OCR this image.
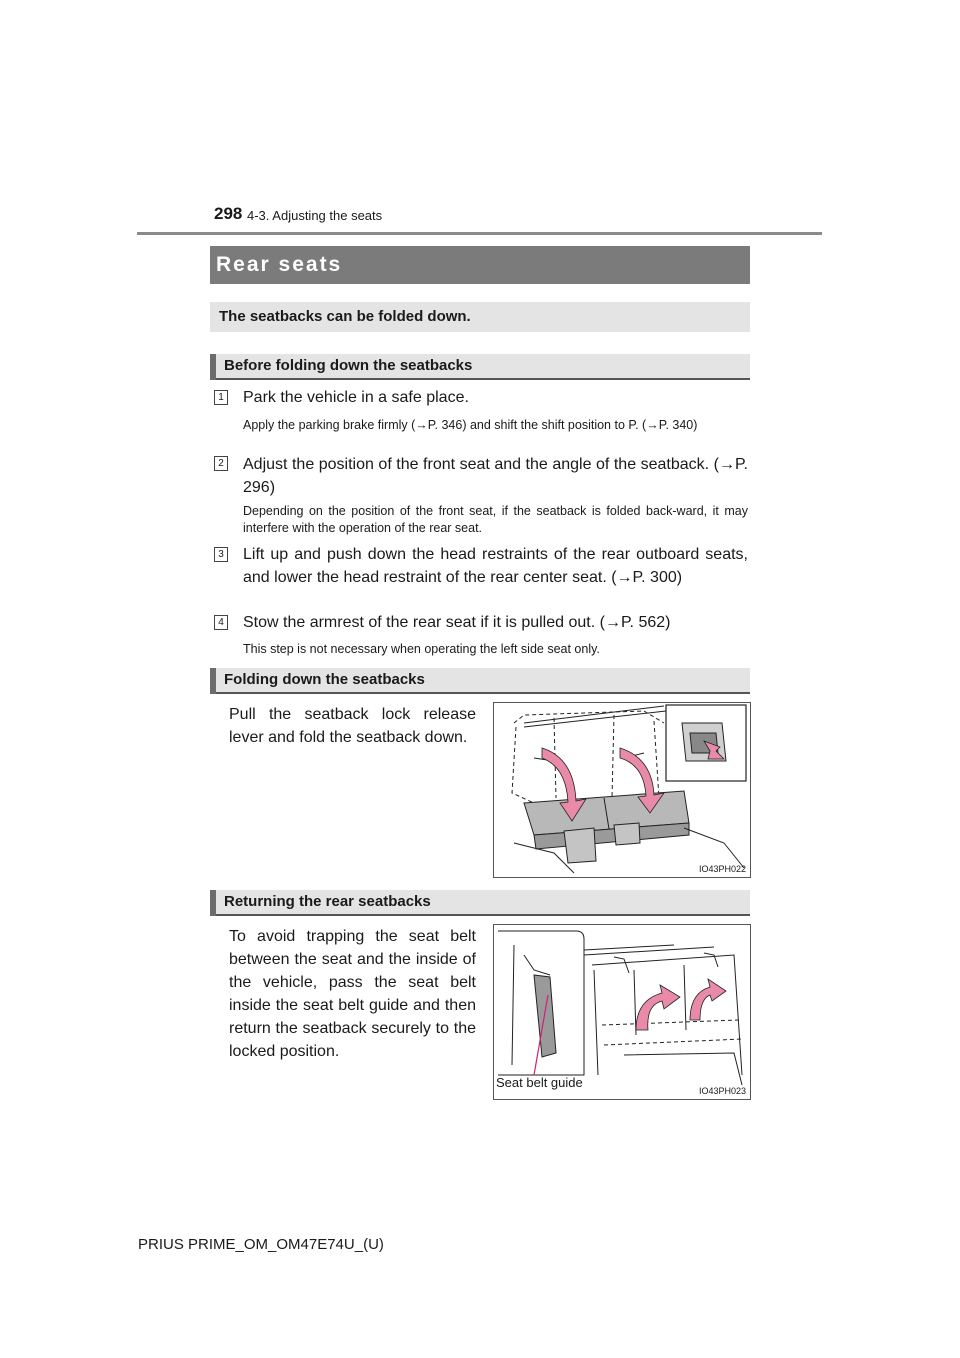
298 4-3. Adjusting the seats
Rear seats
The seatbacks can be folded down.
Before folding down the seatbacks
1 Park the vehicle in a safe place.
Apply the parking brake firmly (→P. 346) and shift the shift position to P. (→P. 340)
2 Adjust the position of the front seat and the angle of the seatback. (→P. 296)
Depending on the position of the front seat, if the seatback is folded back-ward, it may interfere with the operation of the rear seat.
3 Lift up and push down the head restraints of the rear outboard seats, and lower the head restraint of the rear center seat. (→P. 300)
4 Stow the armrest of the rear seat if it is pulled out. (→P. 562)
This step is not necessary when operating the left side seat only.
Folding down the seatbacks
Pull the seatback lock release lever and fold the seatback down.
IO43PH022
Returning the rear seatbacks
To avoid trapping the seat belt between the seat and the inside of the vehicle, pass the seat belt inside the seat belt guide and then return the seatback securely to the locked position.
Seat belt guide
IO43PH023
PRIUS PRIME_OM_OM47E74U_(U)
